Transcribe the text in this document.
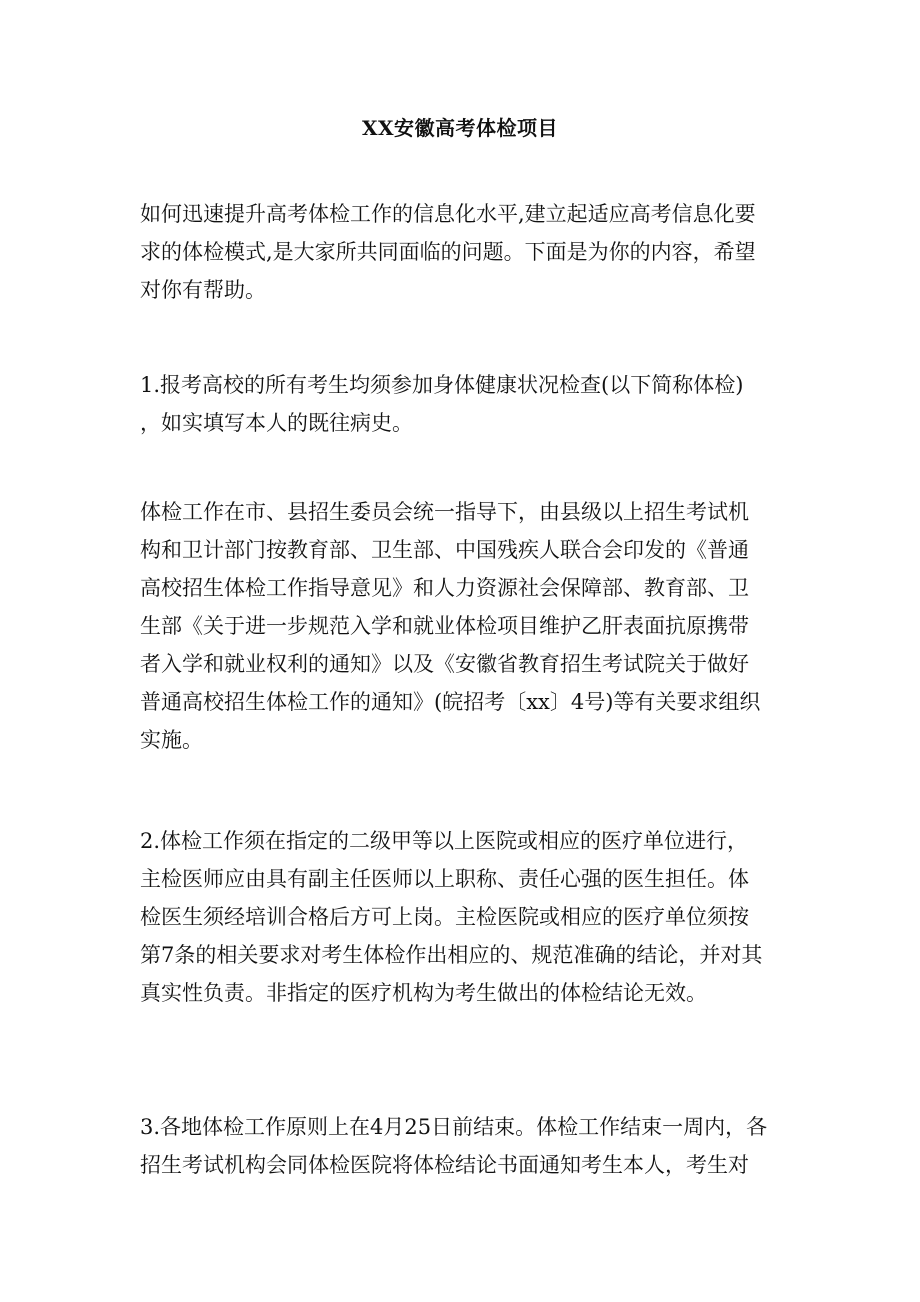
XX安徽高考体检项目
如何迅速提升高考体检工作的信息化水平,建立起适应高考信息化要
求的体检模式,是大家所共同面临的问题。下面是为你的内容，希望
对你有帮助。
1.报考高校的所有考生均须参加身体健康状况检查(以下简称体检)
，如实填写本人的既往病史。
体检工作在市、县招生委员会统一指导下，由县级以上招生考试机
构和卫计部门按教育部、卫生部、中国残疾人联合会印发的《普通
高校招生体检工作指导意见》和人力资源社会保障部、教育部、卫
生部《关于进一步规范入学和就业体检项目维护乙肝表面抗原携带
者入学和就业权利的通知》以及《安徽省教育招生考试院关于做好
普通高校招生体检工作的通知》(皖招考〔xx〕4号)等有关要求组织
实施。
2.体检工作须在指定的二级甲等以上医院或相应的医疗单位进行，
主检医师应由具有副主任医师以上职称、责任心强的医生担任。体
检医生须经培训合格后方可上岗。主检医院或相应的医疗单位须按
第7条的相关要求对考生体检作出相应的、规范准确的结论，并对其
真实性负责。非指定的医疗机构为考生做出的体检结论无效。
3.各地体检工作原则上在4月25日前结束。体检工作结束一周内，各
招生考试机构会同体检医院将体检结论书面通知考生本人，考生对
